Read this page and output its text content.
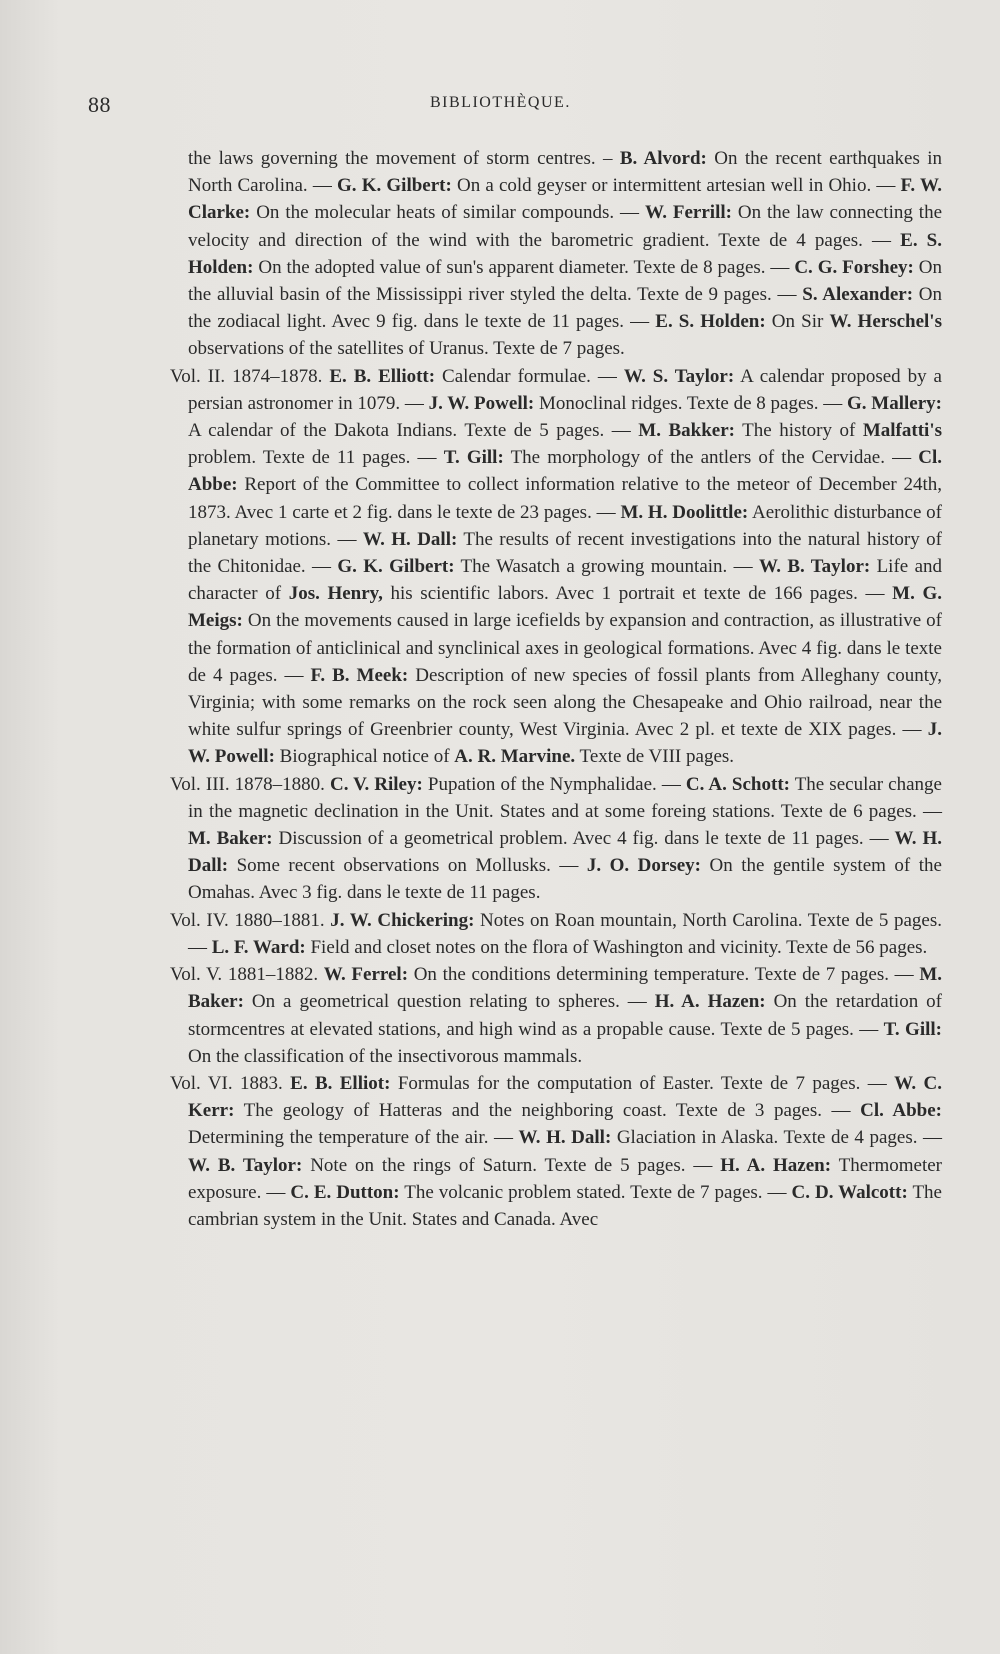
88	BIBLIOTHÈQUE.

the laws governing the movement of storm centres. – B. Alvord: On the recent earthquakes in North Carolina. — G. K. Gilbert: On a cold geyser or intermittent artesian well in Ohio. — F. W. Clarke: On the molecular heats of similar compounds. — W. Ferrill: On the law connecting the velocity and direction of the wind with the barometric gradient. Texte de 4 pages. — E. S. Holden: On the adopted value of sun's apparent diameter. Texte de 8 pages. — C. G. Forshey: On the alluvial basin of the Mississippi river styled the delta. Texte de 9 pages. — S. Alexander: On the zodiacal light. Avec 9 fig. dans le texte de 11 pages. — E. S. Holden: On Sir W. Herschel's observations of the satellites of Uranus. Texte de 7 pages.

Vol. II. 1874–1878. E. B. Elliott: Calendar formulae. — W. S. Taylor: A calendar proposed by a persian astronomer in 1079. — J. W. Powell: Monoclinal ridges. Texte de 8 pages. — G. Mallery: A calendar of the Dakota Indians. Texte de 5 pages. — M. Bakker: The history of Malfatti's problem. Texte de 11 pages. — T. Gill: The morphology of the antlers of the Cervidae. — Cl. Abbe: Report of the Committee to collect information relative to the meteor of December 24th, 1873. Avec 1 carte et 2 fig. dans le texte de 23 pages. — M. H. Doolittle: Aerolithic disturbance of planetary motions. — W. H. Dall: The results of recent investigations into the natural history of the Chitonidae. — G. K. Gilbert: The Wasatch a growing mountain. — W. B. Taylor: Life and character of Jos. Henry, his scientific labors. Avec 1 portrait et texte de 166 pages. — M. G. Meigs: On the movements caused in large icefields by expansion and contraction, as illustrative of the formation of anticlinical and synclinical axes in geological formations. Avec 4 fig. dans le texte de 4 pages. — F. B. Meek: Description of new species of fossil plants from Alleghany county, Virginia; with some remarks on the rock seen along the Chesapeake and Ohio railroad, near the white sulfur springs of Greenbrier county, West Virginia. Avec 2 pl. et texte de XIX pages. — J. W. Powell: Biographical notice of A. R. Marvine. Texte de VIII pages.

Vol. III. 1878–1880. C. V. Riley: Pupation of the Nymphalidae. — C. A. Schott: The secular change in the magnetic declination in the Unit. States and at some foreing stations. Texte de 6 pages. — M. Baker: Discussion of a geometrical problem. Avec 4 fig. dans le texte de 11 pages. — W. H. Dall: Some recent observations on Mollusks. — J. O. Dorsey: On the gentile system of the Omahas. Avec 3 fig. dans le texte de 11 pages.

Vol. IV. 1880–1881. J. W. Chickering: Notes on Roan mountain, North Carolina. Texte de 5 pages. — L. F. Ward: Field and closet notes on the flora of Washington and vicinity. Texte de 56 pages.

Vol. V. 1881–1882. W. Ferrel: On the conditions determining temperature. Texte de 7 pages. — M. Baker: On a geometrical question relating to spheres. — H. A. Hazen: On the retardation of stormcentres at elevated stations, and high wind as a propable cause. Texte de 5 pages. — T. Gill: On the classification of the insectivorous mammals.

Vol. VI. 1883. E. B. Elliot: Formulas for the computation of Easter. Texte de 7 pages. — W. C. Kerr: The geology of Hatteras and the neighboring coast. Texte de 3 pages. — Cl. Abbe: Determining the temperature of the air. — W. H. Dall: Glaciation in Alaska. Texte de 4 pages. — W. B. Taylor: Note on the rings of Saturn. Texte de 5 pages. — H. A. Hazen: Thermometer exposure. — C. E. Dutton: The volcanic problem stated. Texte de 7 pages. — C. D. Walcott: The cambrian system in the Unit. States and Canada. Avec
